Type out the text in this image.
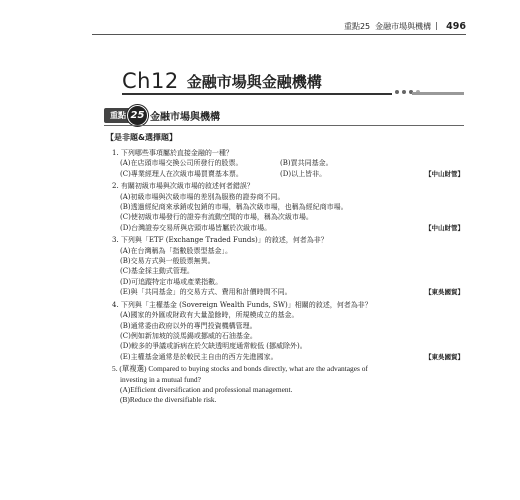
重點25 金融市場與機構 496
Ch12 金融市場與金融機構
重點 25 金融市場與機構
【是非題&選擇題】
1. 下列哪些事項屬於直接金融的一種？
(A)在店頭市場交換公司所發行的股票。	(B)買共同基金。
(C)專業經理人在次級市場買賣基本票。	(D)以上皆非。	【中山財管】
2. 有關初級市場與次級市場的敘述何者錯誤？
(A)初級市場與次級市場的差別為服務的證券商不同。
(B)透過經紀商來承銷或包銷的市場，稱為次級市場，也稱為經紀商市場。
(C)使初級市場發行的證券有流動空間的市場，稱為次級市場。
(D)台灣證券交易所與店頭市場皆屬於次級市場。	【中山財管】
3. 下列與「ETF (Exchange Traded Funds)」的敘述，何者為非？
(A)在台灣稱為「指數股票型基金」。
(B)交易方式與一般股票無異。
(C)基金採主動式管理。
(D)可追蹤特定市場或產業指數。
(E)與「共同基金」的交易方式、費用和計價時間不同。	【東吳國貿】
4. 下列與「主權基金 (Sovereign Wealth Funds, SW)」相關的敘述，何者為非？
(A)國家的外匯或財政有大量盈餘時，所規模成立的基金。
(B)通常委由政府以外的專門投資機構管理。
(C)例如新加坡的淡馬錫或挪威的石油基金。
(D)較多的爭議或訴病在於欠缺透明度通常較低 (挪威除外)。
(E)主權基金通常是於較民主自由的西方先進國家。	【東吳國貿】
5. (單複選) Compared to buying stocks and bonds directly, what are the advantages of
investing in a mutual fund?
(A)Efficient diversification and professional management.
(B)Reduce the diversifiable risk.
